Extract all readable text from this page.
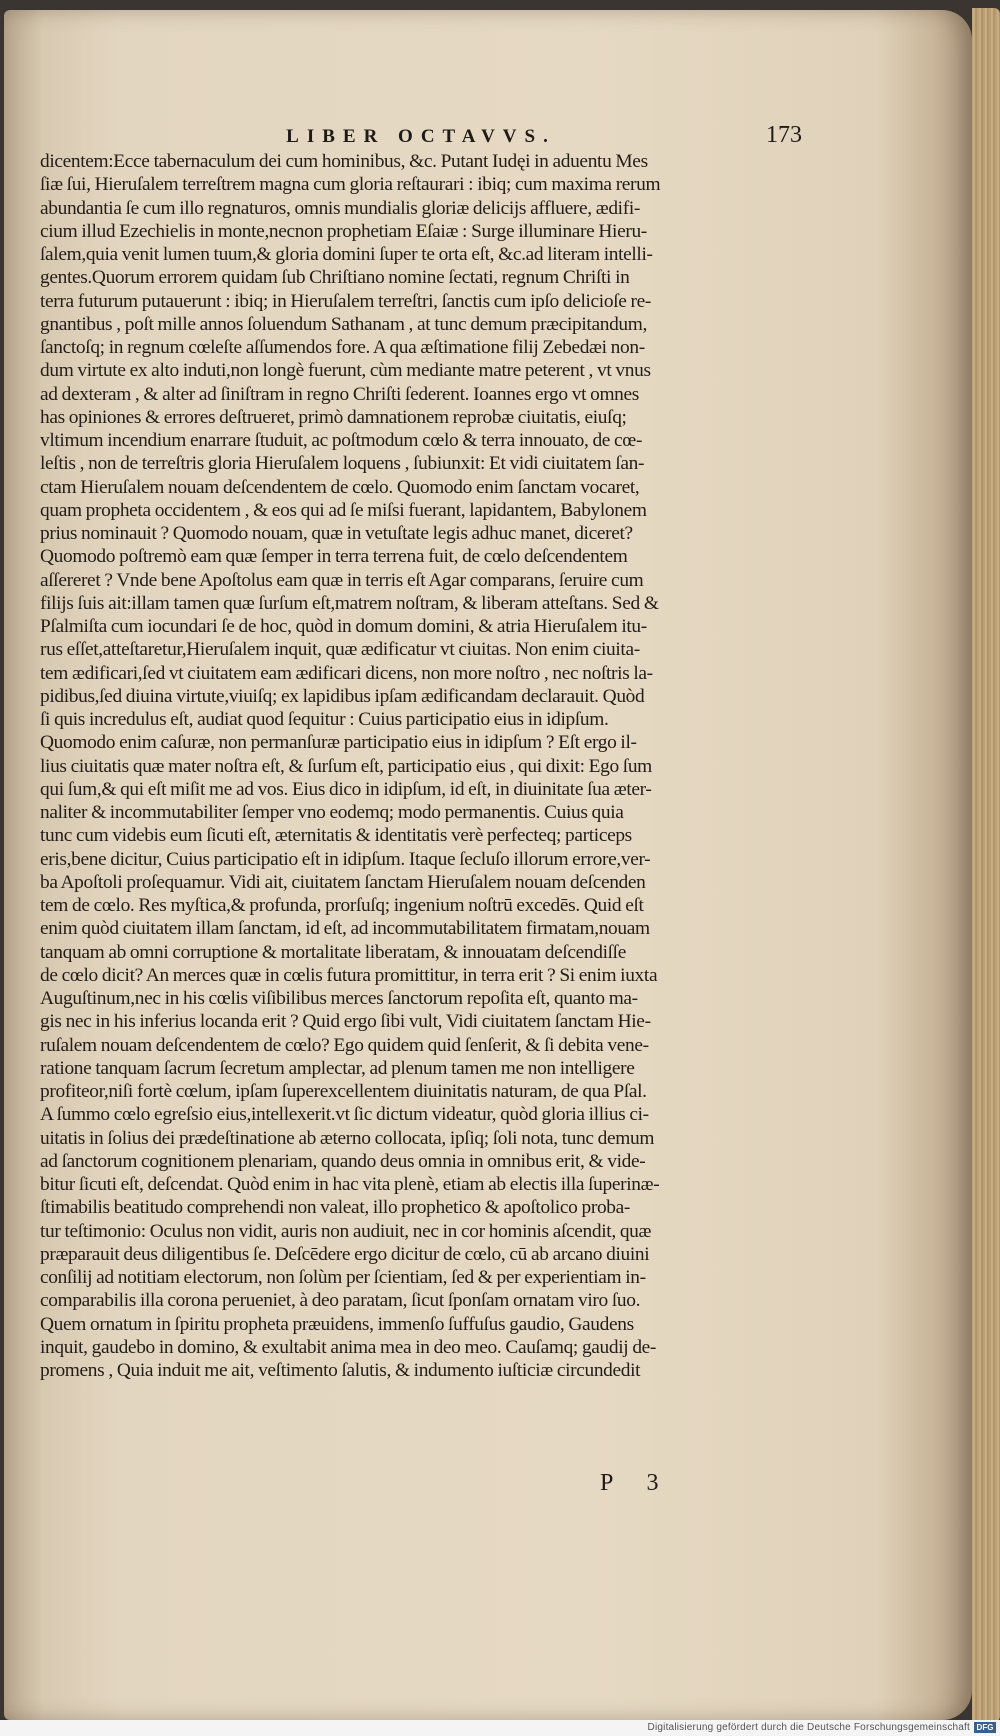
LIBER OCTAVVS.	173
dicentem:Ecce tabernaculum dei cum hominibus, &c. Putant Iudęi in aduentu Mes
ſiæ ſui, Hieruſalem terreſtrem magna cum gloria reſtaurari : ibiq; cum maxima rerum
abundantia ſe cum illo regnaturos, omnis mundialis gloriæ delicijs affluere, ædifi-
cium illud Ezechielis in monte,necnon prophetiam Eſaiæ : Surge illuminare Hieru-
ſalem,quia venit lumen tuum,& gloria domini ſuper te orta eſt, &c.ad literam intelli-
gentes.Quorum errorem quidam ſub Chriſtiano nomine ſectati, regnum Chriſti in
terra futurum putauerunt : ibiq; in Hieruſalem terreſtri, ſanctis cum ipſo delicioſe re-
gnantibus , poſt mille annos ſoluendum Sathanam , at tunc demum præcipitandum,
ſanctoſq; in regnum cœleſte aſſumendos fore. A qua æſtimatione filij Zebedæi non-
dum virtute ex alto induti,non longè fuerunt, cùm mediante matre peterent , vt vnus
ad dexteram , & alter ad ſiniſtram in regno Chriſti ſederent. Ioannes ergo vt omnes
has opiniones & errores deſtrueret, primò damnationem reprobæ ciuitatis, eiuſq;
vltimum incendium enarrare ſtuduit, ac poſtmodum cœlo & terra innouato, de cœ-
leſtis , non de terreſtris gloria Hieruſalem loquens , ſubiunxit: Et vidi ciuitatem ſan-
ctam Hieruſalem nouam deſcendentem de cœlo. Quomodo enim ſanctam vocaret,
quam propheta occidentem , & eos qui ad ſe miſsi fuerant, lapidantem, Babylonem
prius nominauit ? Quomodo nouam, quæ in vetuſtate legis adhuc manet, diceret?
Quomodo poſtremò eam quæ ſemper in terra terrena fuit, de cœlo deſcendentem
aſſereret ? Vnde bene Apoſtolus eam quæ in terris eſt Agar comparans, ſeruire cum
filijs ſuis ait:illam tamen quæ ſurſum eſt,matrem noſtram, & liberam atteſtans. Sed &
Pſalmiſta cum iocundari ſe de hoc, quòd in domum domini, & atria Hieruſalem itu-
rus eſſet,atteſtaretur,Hieruſalem inquit, quæ ædificatur vt ciuitas. Non enim ciuita-
tem ædificari,ſed vt ciuitatem eam ædificari dicens, non more noſtro , nec noſtris la-
pidibus,ſed diuina virtute,viuiſq; ex lapidibus ipſam ædificandam declarauit. Quòd
ſi quis incredulus eſt, audiat quod ſequitur : Cuius participatio eius in idipſum.
Quomodo enim caſuræ, non permanſuræ participatio eius in idipſum ? Eſt ergo il-
lius ciuitatis quæ mater noſtra eſt, & ſurſum eſt, participatio eius , qui dixit: Ego ſum
qui ſum,& qui eſt miſit me ad vos. Eius dico in idipſum, id eſt, in diuinitate ſua æter-
naliter & incommutabiliter ſemper vno eodemq; modo permanentis. Cuius quia
tunc cum videbis eum ſicuti eſt, æternitatis & identitatis verè perfecteq; particeps
eris,bene dicitur, Cuius participatio eſt in idipſum. Itaque ſecluſo illorum errore,ver-
ba Apoſtoli proſequamur. Vidi ait, ciuitatem ſanctam Hieruſalem nouam deſcenden
tem de cœlo. Res myſtica,& profunda, prorſuſq; ingenium noſtrū excedēs. Quid eſt
enim quòd ciuitatem illam ſanctam, id eſt, ad incommutabilitatem firmatam,nouam
tanquam ab omni corruptione & mortalitate liberatam, & innouatam deſcendiſſe
de cœlo dicit? An merces quæ in cœlis futura promittitur, in terra erit ? Si enim iuxta
Auguſtinum,nec in his cœlis viſibilibus merces ſanctorum repoſita eſt, quanto ma-
gis nec in his inferius locanda erit ? Quid ergo ſibi vult, Vidi ciuitatem ſanctam Hie-
ruſalem nouam deſcendentem de cœlo? Ego quidem quid ſenſerit, & ſi debita vene-
ratione tanquam ſacrum ſecretum amplectar, ad plenum tamen me non intelligere
profiteor,niſi fortè cœlum, ipſam ſuperexcellentem diuinitatis naturam, de qua Pſal.
A ſummo cœlo egreſsio eius,intellexerit.vt ſic dictum videatur, quòd gloria illius ci-
uitatis in ſolius dei prædeſtinatione ab æterno collocata, ipſiq; ſoli nota, tunc demum
ad ſanctorum cognitionem plenariam, quando deus omnia in omnibus erit, & vide-
bitur ſicuti eſt, deſcendat. Quòd enim in hac vita plenè, etiam ab electis illa ſuperinæ-
ſtimabilis beatitudo comprehendi non valeat, illo prophetico & apoſtolico proba-
tur teſtimonio: Oculus non vidit, auris non audiuit, nec in cor hominis aſcendit, quæ
præparauit deus diligentibus ſe. Deſcēdere ergo dicitur de cœlo, cū ab arcano diuini
conſilij ad notitiam electorum, non ſolùm per ſcientiam, ſed & per experientiam in-
comparabilis illa corona perueniet, à deo paratam, ſicut ſponſam ornatam viro ſuo.
Quem ornatum in ſpiritu propheta præuidens, immenſo ſuffuſus gaudio, Gaudens
inquit, gaudebo in domino, & exultabit anima mea in deo meo. Cauſamq; gaudij de-
promens , Quia induit me ait, veſtimento ſalutis, & indumento iuſticiæ circundedit
P 3
Digitalisierung gefördert durch die Deutsche Forschungsgemeinschaft DFG
